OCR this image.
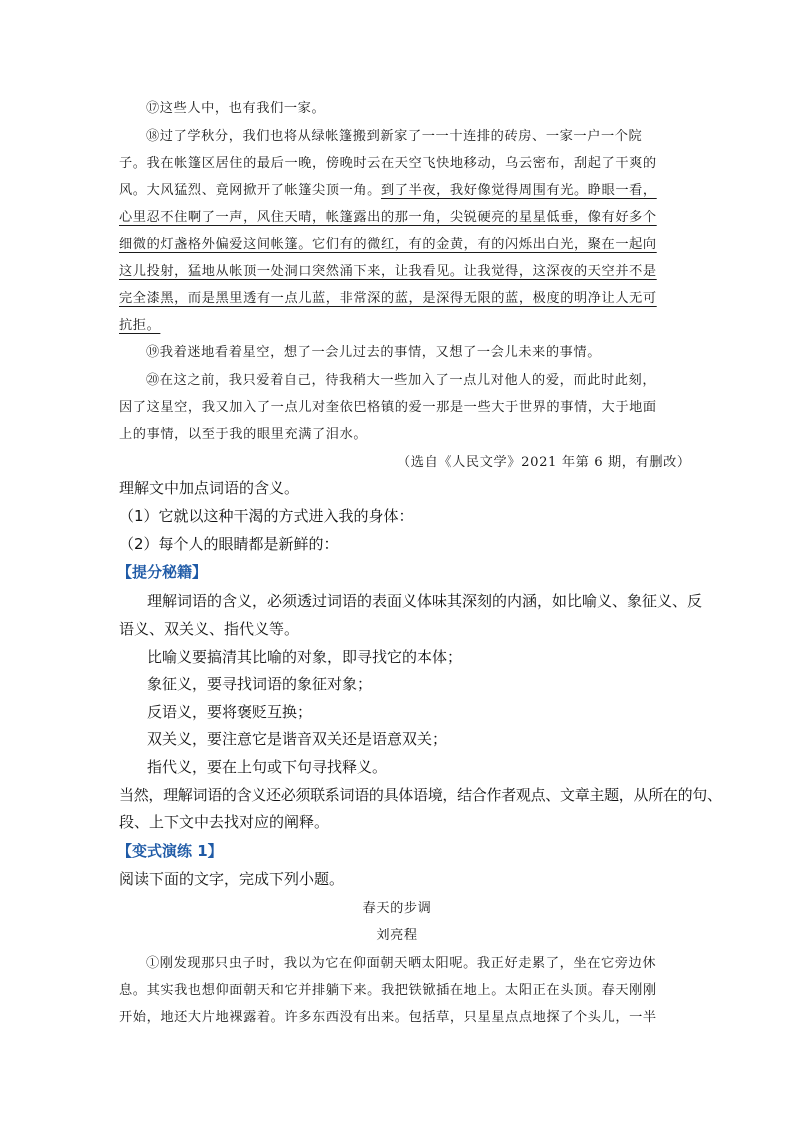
⑰这些人中，也有我们一家。
⑱过了学秋分，我们也将从绿帐篷搬到新家了一一十连排的砖房、一家一户一个院
子。我在帐篷区居住的最后一晚，傍晚时云在天空飞快地移动，乌云密布，刮起了干爽的
风。大风猛烈、竟网掀开了帐篷尖顶一角。到了半夜，我好像觉得周围有光。睁眼一看，
心里忍不住啊了一声，风住天晴，帐篷露出的那一角，尖锐硬亮的星星低垂，像有好多个
细微的灯盏格外偏爱这间帐篷。它们有的微红，有的金黄，有的闪烁出白光，聚在一起向
这儿投射，猛地从帐顶一处洞口突然涌下来，让我看见。让我觉得，这深夜的天空并不是
完全漆黑，而是黑里透有一点儿蓝，非常深的蓝，是深得无限的蓝，极度的明净让人无可
抗拒。
⑲我着迷地看着星空，想了一会儿过去的事情，又想了一会儿未来的事情。
⑳在这之前，我只爱着自己，待我稍大一些加入了一点儿对他人的爱，而此时此刻，
因了这星空，我又加入了一点儿对奎依巴格镇的爱一那是一些大于世界的事情，大于地面
上的事情，以至于我的眼里充满了泪水。
（选自《人民文学》2021 年第 6 期，有删改）
理解文中加点词语的含义。
（1）它就以这种干渴的方式进入我的身体：
（2）每个人的眼睛都是新鲜的：
【提分秘籍】
理解词语的含义，必须透过词语的表面义体味其深刻的内涵，如比喻义、象征义、反
语义、双关义、指代义等。
比喻义要搞清其比喻的对象，即寻找它的本体；
象征义，要寻找词语的象征对象；
反语义，要将褒贬互换；
双关义，要注意它是谐音双关还是语意双关；
指代义，要在上句或下句寻找释义。
当然，理解词语的含义还必须联系词语的具体语境，结合作者观点、文章主题，从所在的句、
段、上下文中去找对应的阐释。
【变式演练 1】
阅读下面的文字，完成下列小题。
春天的步调
刘亮程
①刚发现那只虫子时，我以为它在仰面朝天晒太阳呢。我正好走累了，坐在它旁边休
息。其实我也想仰面朝天和它并排躺下来。我把铁锨插在地上。太阳正在头顶。春天刚刚
开始，地还大片地裸露着。许多东西没有出来。包括草，只星星点点地探了个头儿，一半
